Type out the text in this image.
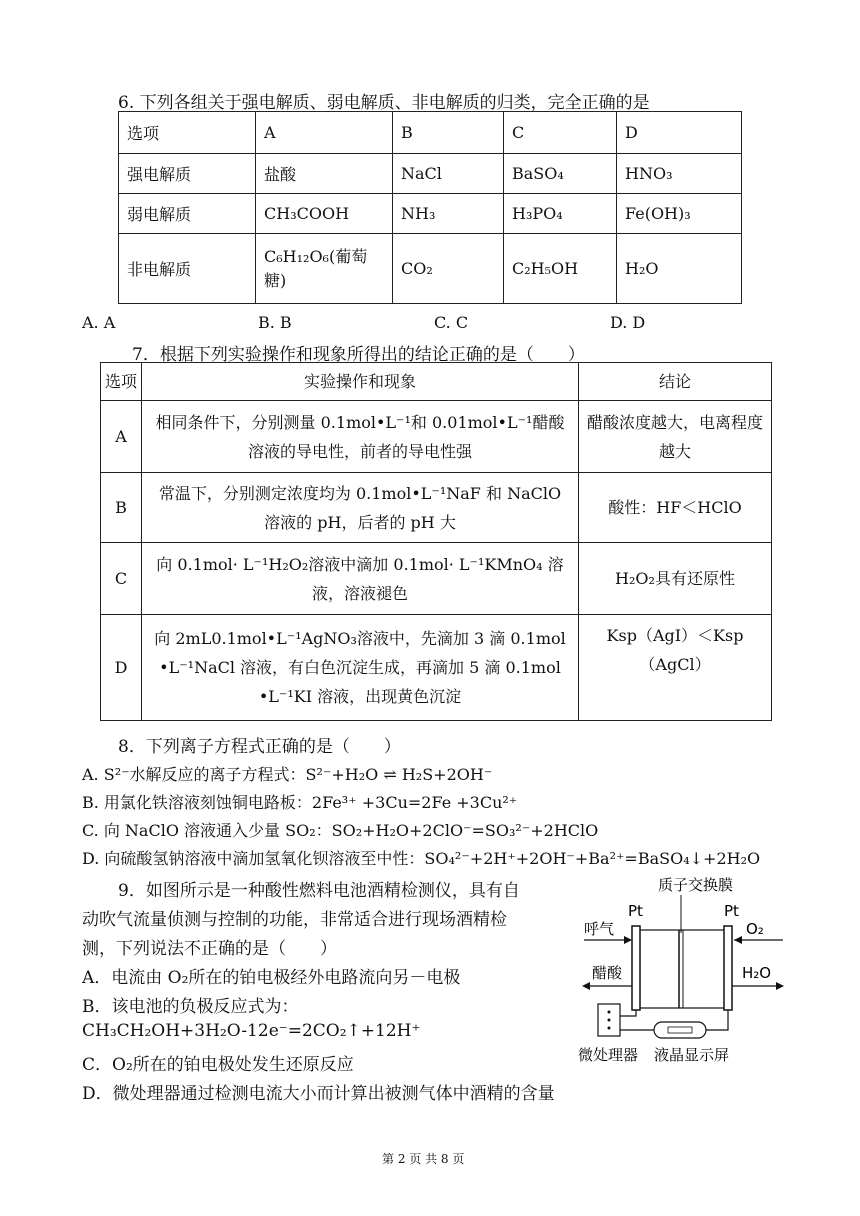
6. 下列各组关于强电解质、弱电解质、非电解质的归类，完全正确的是
选项	A	B	C	D
强电解质	盐酸	NaCl	BaSO₄	HNO₃
弱电解质	CH₃COOH	NH₃	H₃PO₄	Fe(OH)₃
非电解质	C₆H₁₂O₆(葡萄糖)	CO₂	C₂H₅OH	H₂O
A. A	B. B	C. C	D. D
7．根据下列实验操作和现象所得出的结论正确的是（　　）
选项	实验操作和现象	结论
A	相同条件下，分别测量 0.1mol•L⁻¹和 0.01mol•L⁻¹醋酸溶液的导电性，前者的导电性强	醋酸浓度越大，电离程度越大
B	常温下，分别测定浓度均为 0.1mol•L⁻¹NaF 和 NaClO 溶液的 pH，后者的 pH 大	酸性：HF＜HClO
C	向 0.1mol· L⁻¹H₂O₂溶液中滴加 0.1mol· L⁻¹KMnO₄ 溶液，溶液褪色	H₂O₂具有还原性
D	向 2mL0.1mol•L⁻¹AgNO₃溶液中，先滴加 3 滴 0.1mol •L⁻¹NaCl 溶液，有白色沉淀生成，再滴加 5 滴 0.1mol •L⁻¹KI 溶液，出现黄色沉淀	Ksp（AgI）＜Ksp（AgCl）
8．下列离子方程式正确的是（　　）
A. S²⁻水解反应的离子方程式：S²⁻+H₂O ⇌ H₂S+2OH⁻
B. 用氯化铁溶液刻蚀铜电路板：2Fe³⁺ +3Cu=2Fe +3Cu²⁺
C. 向 NaClO 溶液通入少量 SO₂：SO₂+H₂O+2ClO⁻=SO₃²⁻+2HClO
D. 向硫酸氢钠溶液中滴加氢氧化钡溶液至中性：SO₄²⁻+2H⁺+2OH⁻+Ba²⁺=BaSO₄↓+2H₂O
9．如图所示是一种酸性燃料电池酒精检测仪，具有自
动吹气流量侦测与控制的功能，非常适合进行现场酒精检
测，下列说法不正确的是（　　）
A．电流由 O₂所在的铂电极经外电路流向另－电极
B．该电池的负极反应式为：
CH₃CH₂OH+3H₂O-12e⁻=2CO₂↑+12H⁺
C．O₂所在的铂电极处发生还原反应
D．微处理器通过检测电流大小而计算出被测气体中酒精的含量
质子交换膜
Pt	Pt
呼气
醋酸
O₂
H₂O
微处理器 液晶显示屏
第 2 页 共 8 页
